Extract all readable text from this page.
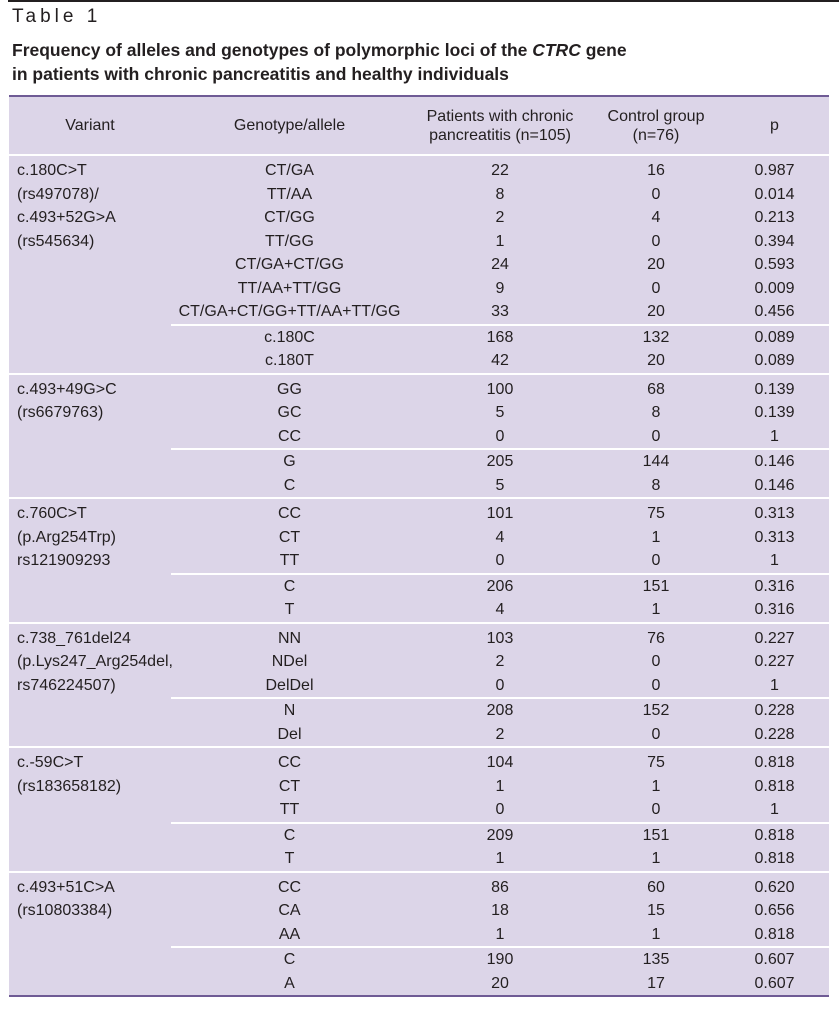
Table 1
Frequency of alleles and genotypes of polymorphic loci of the CTRC gene
in patients with chronic pancreatitis and healthy individuals
Variant	Genotype/allele	Patients with chronic pancreatitis (n=105)	Control group (n=76)	p

c.180C>T (rs497078)/
c.493+52G>A
(rs545634)	CT/GA	22	16	0.987
	TT/AA	8	0	0.014
	CT/GG	2	4	0.213
	TT/GG	1	0	0.394
	CT/GA+CT/GG	24	20	0.593
	TT/AA+TT/GG	9	0	0.009
	CT/GA+CT/GG+TT/AA+TT/GG	33	20	0.456
	c.180C	168	132	0.089
	c.180T	42	20	0.089

c.493+49G>C
(rs6679763)	GG	100	68	0.139
	GC	5	8	0.139
	CC	0	0	1
	G	205	144	0.146
	C	5	8	0.146

c.760C>T
(p.Arg254Trp)
rs121909293	CC	101	75	0.313
	CT	4	1	0.313
	TT	0	0	1
	C	206	151	0.316
	T	4	1	0.316

c.738_761del24
(p.Lys247_Arg254del,
rs746224507)	NN	103	76	0.227
	NDel	2	0	0.227
	DelDel	0	0	1
	N	208	152	0.228
	Del	2	0	0.228

c.-59C>T
(rs183658182)	CC	104	75	0.818
	CT	1	1	0.818
	TT	0	0	1
	C	209	151	0.818
	T	1	1	0.818

c.493+51C>A
(rs10803384)	CC	86	60	0.620
	CA	18	15	0.656
	AA	1	1	0.818
	C	190	135	0.607
	A	20	17	0.607
